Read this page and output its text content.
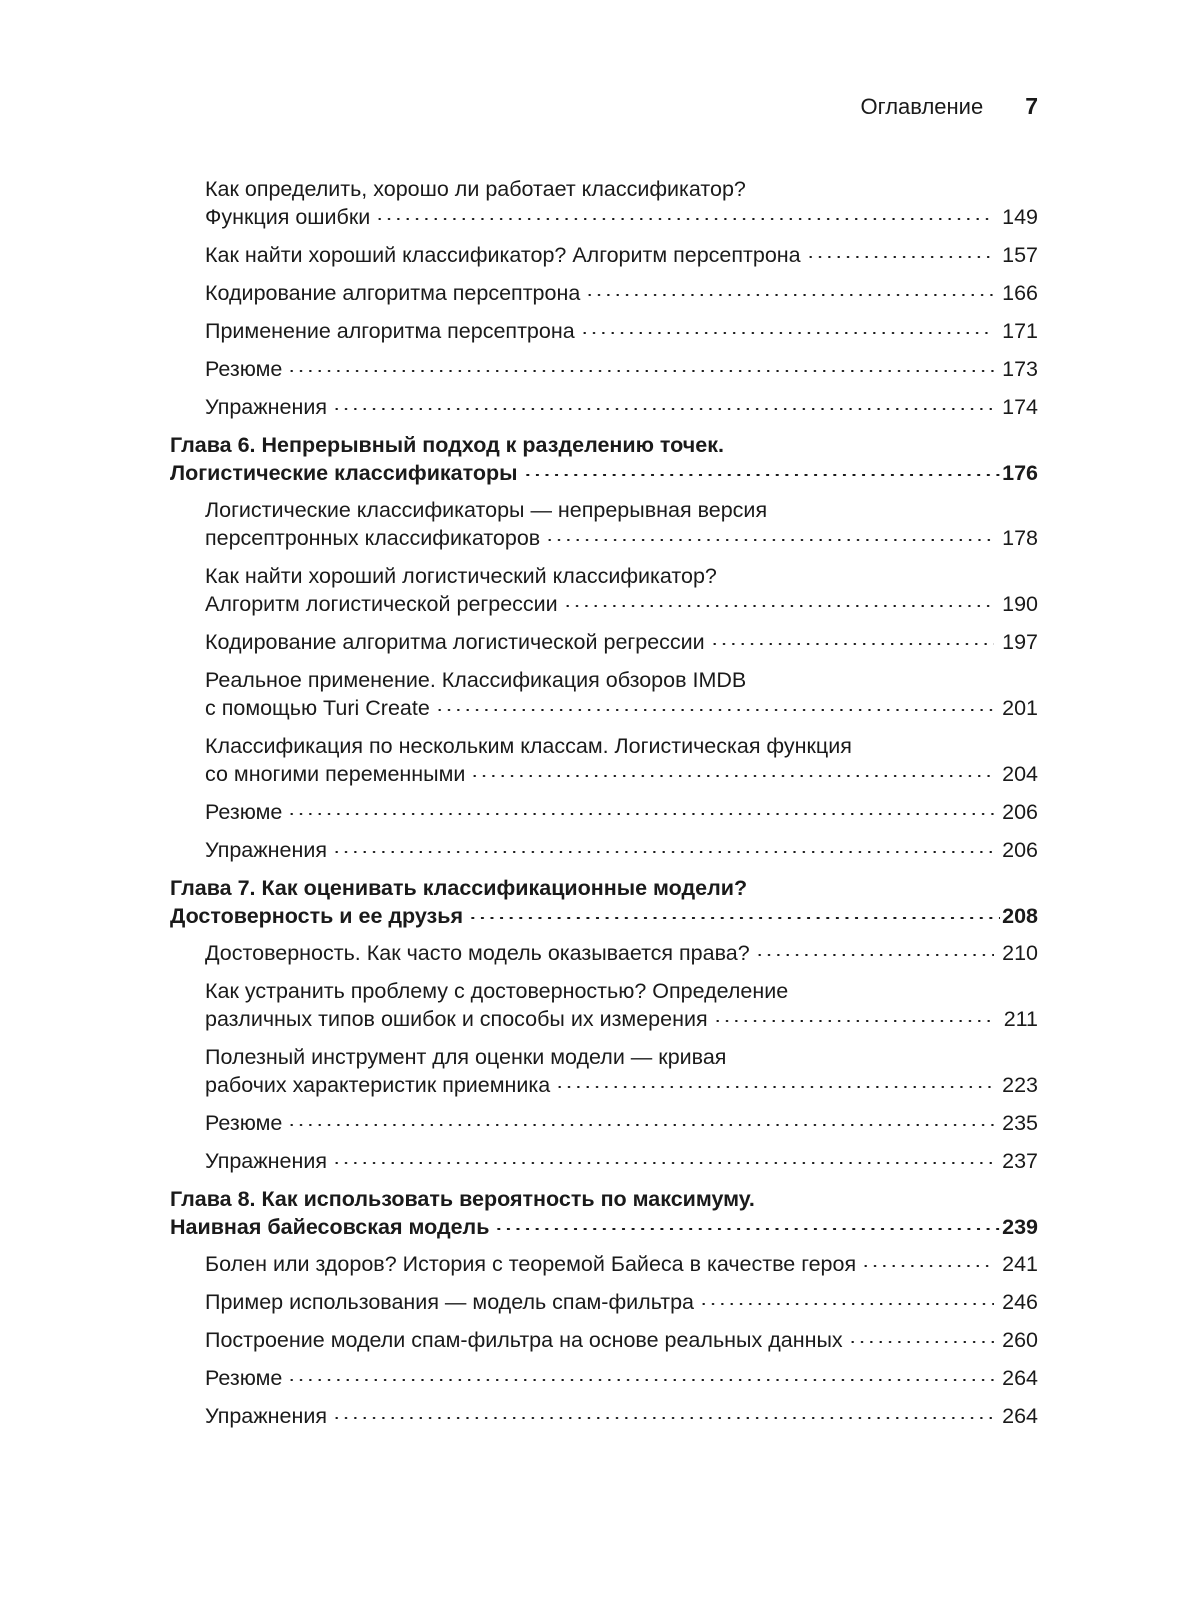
Оглавление 7
Как определить, хорошо ли работает классификатор?
Функция ошибки	149
Как найти хороший классификатор? Алгоритм персептрона	157
Кодирование алгоритма персептрона	166
Применение алгоритма персептрона	171
Резюме	173
Упражнения	174
Глава 6. Непрерывный подход к разделению точек.
Логистические классификаторы	176
Логистические классификаторы — непрерывная версия
персептронных классификаторов	178
Как найти хороший логистический классификатор?
Алгоритм логистической регрессии	190
Кодирование алгоритма логистической регрессии	197
Реальное применение. Классификация обзоров IMDB
с помощью Turi Create	201
Классификация по нескольким классам. Логистическая функция
со многими переменными	204
Резюме	206
Упражнения	206
Глава 7. Как оценивать классификационные модели?
Достоверность и ее друзья	208
Достоверность. Как часто модель оказывается права?	210
Как устранить проблему с достоверностью? Определение
различных типов ошибок и способы их измерения	211
Полезный инструмент для оценки модели — кривая
рабочих характеристик приемника	223
Резюме	235
Упражнения	237
Глава 8. Как использовать вероятность по максимуму.
Наивная байесовская модель	239
Болен или здоров? История с теоремой Байеса в качестве героя	241
Пример использования — модель спам-фильтра	246
Построение модели спам-фильтра на основе реальных данных	260
Резюме	264
Упражнения	264
